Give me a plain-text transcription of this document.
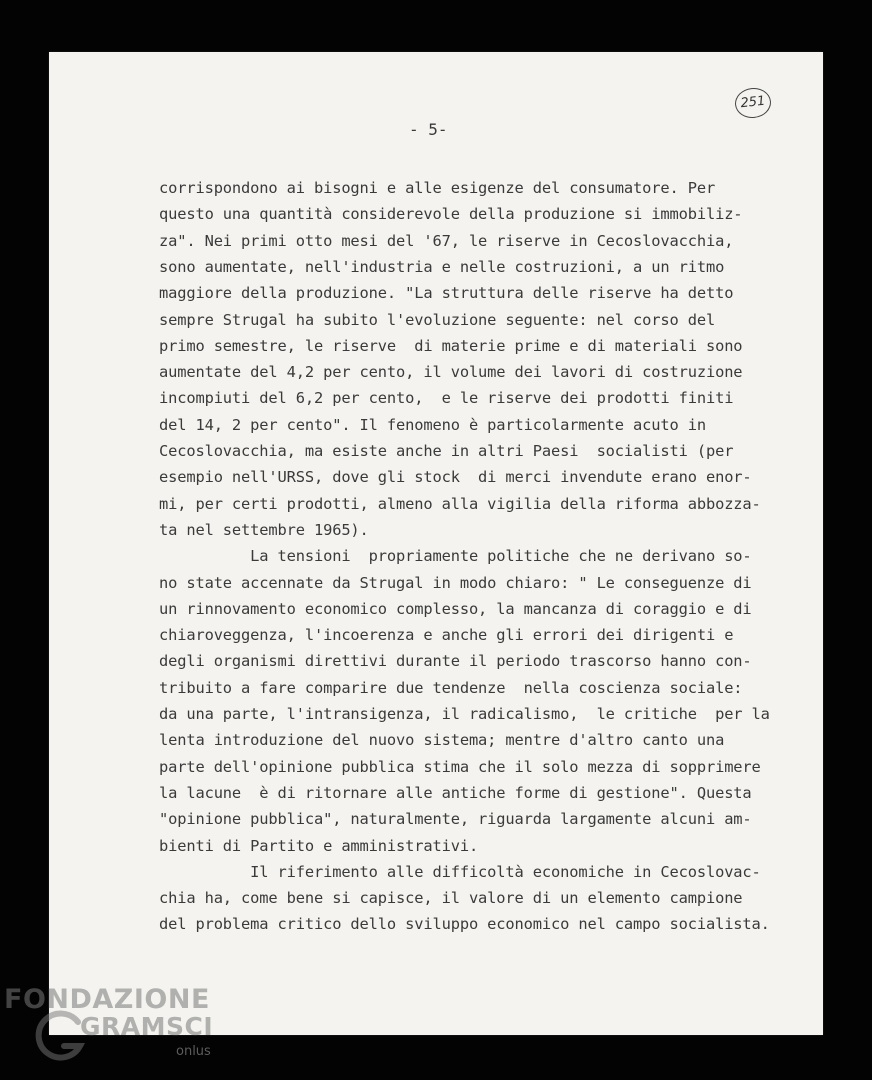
- 5-
251

corrispondono ai bisogni e alle esigenze del consumatore. Per

questo una quantità considerevole della produzione si immobiliz-

za". Nei primi otto mesi del '67, le riserve in Cecoslovacchia,

sono aumentate, nell'industria e nelle costruzioni, a un ritmo

maggiore della produzione. "La struttura delle riserve ha detto

sempre Strugal ha subito l'evoluzione seguente: nel corso del

primo semestre, le riserve  di materie prime e di materiali sono

aumentate del 4,2 per cento, il volume dei lavori di costruzione

incompiuti del 6,2 per cento,  e le riserve dei prodotti finiti

del 14, 2 per cento". Il fenomeno è particolarmente acuto in

Cecoslovacchia, ma esiste anche in altri Paesi  socialisti (per

esempio nell'URSS, dove gli stock  di merci invendute erano enor-

mi, per certi prodotti, almeno alla vigilia della riforma abbozza-

ta nel settembre 1965).

La tensioni  propriamente politiche che ne derivano so-

no state accennate da Strugal in modo chiaro: " Le conseguenze di

un rinnovamento economico complesso, la mancanza di coraggio e di

chiaroveggenza, l'incoerenza e anche gli errori dei dirigenti e

degli organismi direttivi durante il periodo trascorso hanno con-

tribuito a fare comparire due tendenze  nella coscienza sociale:

da una parte, l'intransigenza, il radicalismo,  le critiche  per la

lenta introduzione del nuovo sistema; mentre d'altro canto una

parte dell'opinione pubblica stima che il solo mezza di sopprimere

la lacune  è di ritornare alle antiche forme di gestione". Questa

"opinione pubblica", naturalmente, riguarda largamente alcuni am-

bienti di Partito e amministrativi.

Il riferimento alle difficoltà economiche in Cecoslovac-

chia ha, come bene si capisce, il valore di un elemento campione

del problema critico dello sviluppo economico nel campo socialista.

FONDAZIONE
GRAMSCI
onlus
